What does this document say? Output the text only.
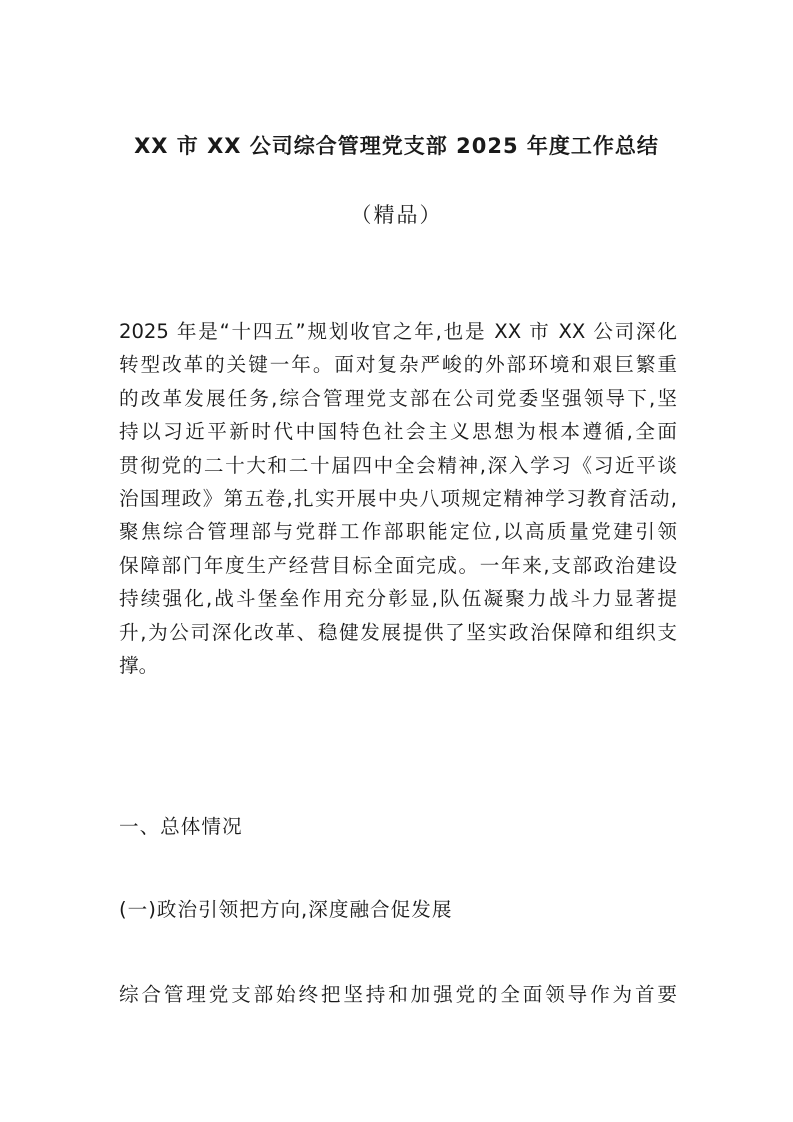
XX 市 XX 公司综合管理党支部 2025 年度工作总结
（精品）
2025 年是“十四五”规划收官之年,也是 XX 市 XX 公司深化
转型改革的关键一年。面对复杂严峻的外部环境和艰巨繁重
的改革发展任务,综合管理党支部在公司党委坚强领导下,坚
持以习近平新时代中国特色社会主义思想为根本遵循,全面
贯彻党的二十大和二十届四中全会精神,深入学习《习近平谈
治国理政》第五卷,扎实开展中央八项规定精神学习教育活动,
聚焦综合管理部与党群工作部职能定位,以高质量党建引领
保障部门年度生产经营目标全面完成。一年来,支部政治建设
持续强化,战斗堡垒作用充分彰显,队伍凝聚力战斗力显著提
升,为公司深化改革、稳健发展提供了坚实政治保障和组织支
撑。
一、总体情况
(一)政治引领把方向,深度融合促发展
综合管理党支部始终把坚持和加强党的全面领导作为首要
